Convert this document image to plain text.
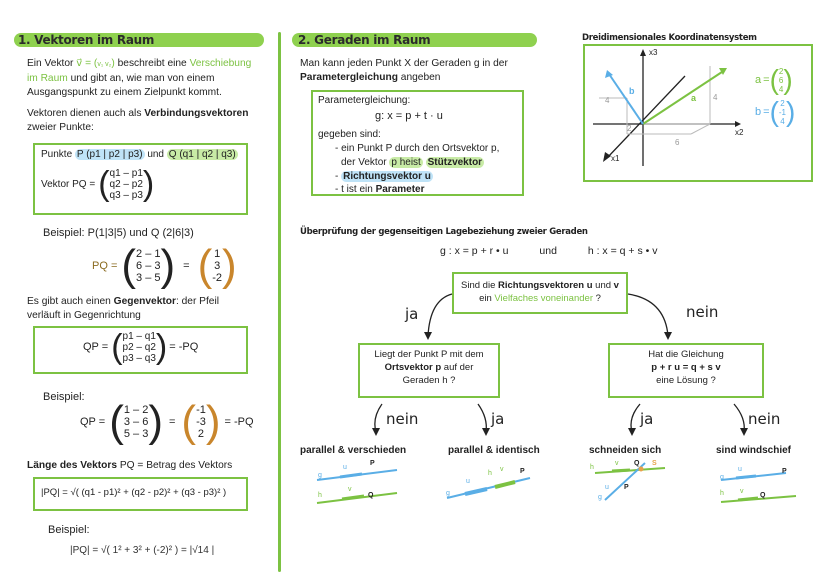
1. Vektoren im Raum
Ein Vektor v⃗ = (v₁ v₂) beschreibt eine Verschiebung
im Raum und gibt an, wie man von einem
Ausgangspunkt zu einem Zielpunkt kommt.
Vektoren dienen auch als Verbindungsvektoren
zweier Punkte:
Punkte P (p1 | p2 | p3) und Q (q1 | q2 | q3)
Vektor PQ = ( q1 – p1
q2 – p2
q3 – p3 )
Beispiel: P(1|3|5) und Q (2|6|3)
PQ = ( 2 – 1
6 – 3
3 – 5 ) = ( 1
3
-2 )
Es gibt auch einen Gegenvektor: der Pfeil
verläuft in Gegenrichtung
QP = ( p1 – q1
p2 – q2
p3 – q3 ) = -PQ
Beispiel:
QP = ( 1 – 2
3 – 6
5 – 3 ) = ( -1
-3
2 ) = -PQ
Länge des Vektors PQ = Betrag des Vektors
|PQ| = √( (q1 - p1)² + (q2 - p2)² + (q3 - p3)² )
Beispiel:
|PQ| = √( 1² + 3² + (-2)² ) = |√14 |
2. Geraden im Raum
Man kann jeden Punkt X der Geraden g in der
Parametergleichung angeben
Parametergleichung:
g: x = p + t · u
gegeben sind:
- ein Punkt P durch den Ortsvektor p,
der Vektor p heist Stützvektor
- Richtungsvektor u
- t ist ein Parameter
Dreidimensionales Koordinatensystem
x3
x2
x1
a
b
4	4
2
6
a = ( 2
6
4 )
b = ( 2
-1
4 )
Überprüfung der gegenseitigen Lagebeziehung zweier Geraden
g : x = p + r • u	und	h : x = q + s • v
Sind die Richtungsvektoren u und v
ein Vielfaches voneinander ?
ja	nein
Liegt der Punkt P mit dem
Ortsvektor p auf der
Geraden h ?
Hat die Gleichung
p + r u = q + s v
eine Lösung ?
nein	ja	ja	nein
parallel & verschieden	parallel & identisch	schneiden sich	sind windschief
P
Q
g
h
u
v
P
g
h
u
v
Q
P
S
h
g
v
u
P
Q
g
h
u
v
